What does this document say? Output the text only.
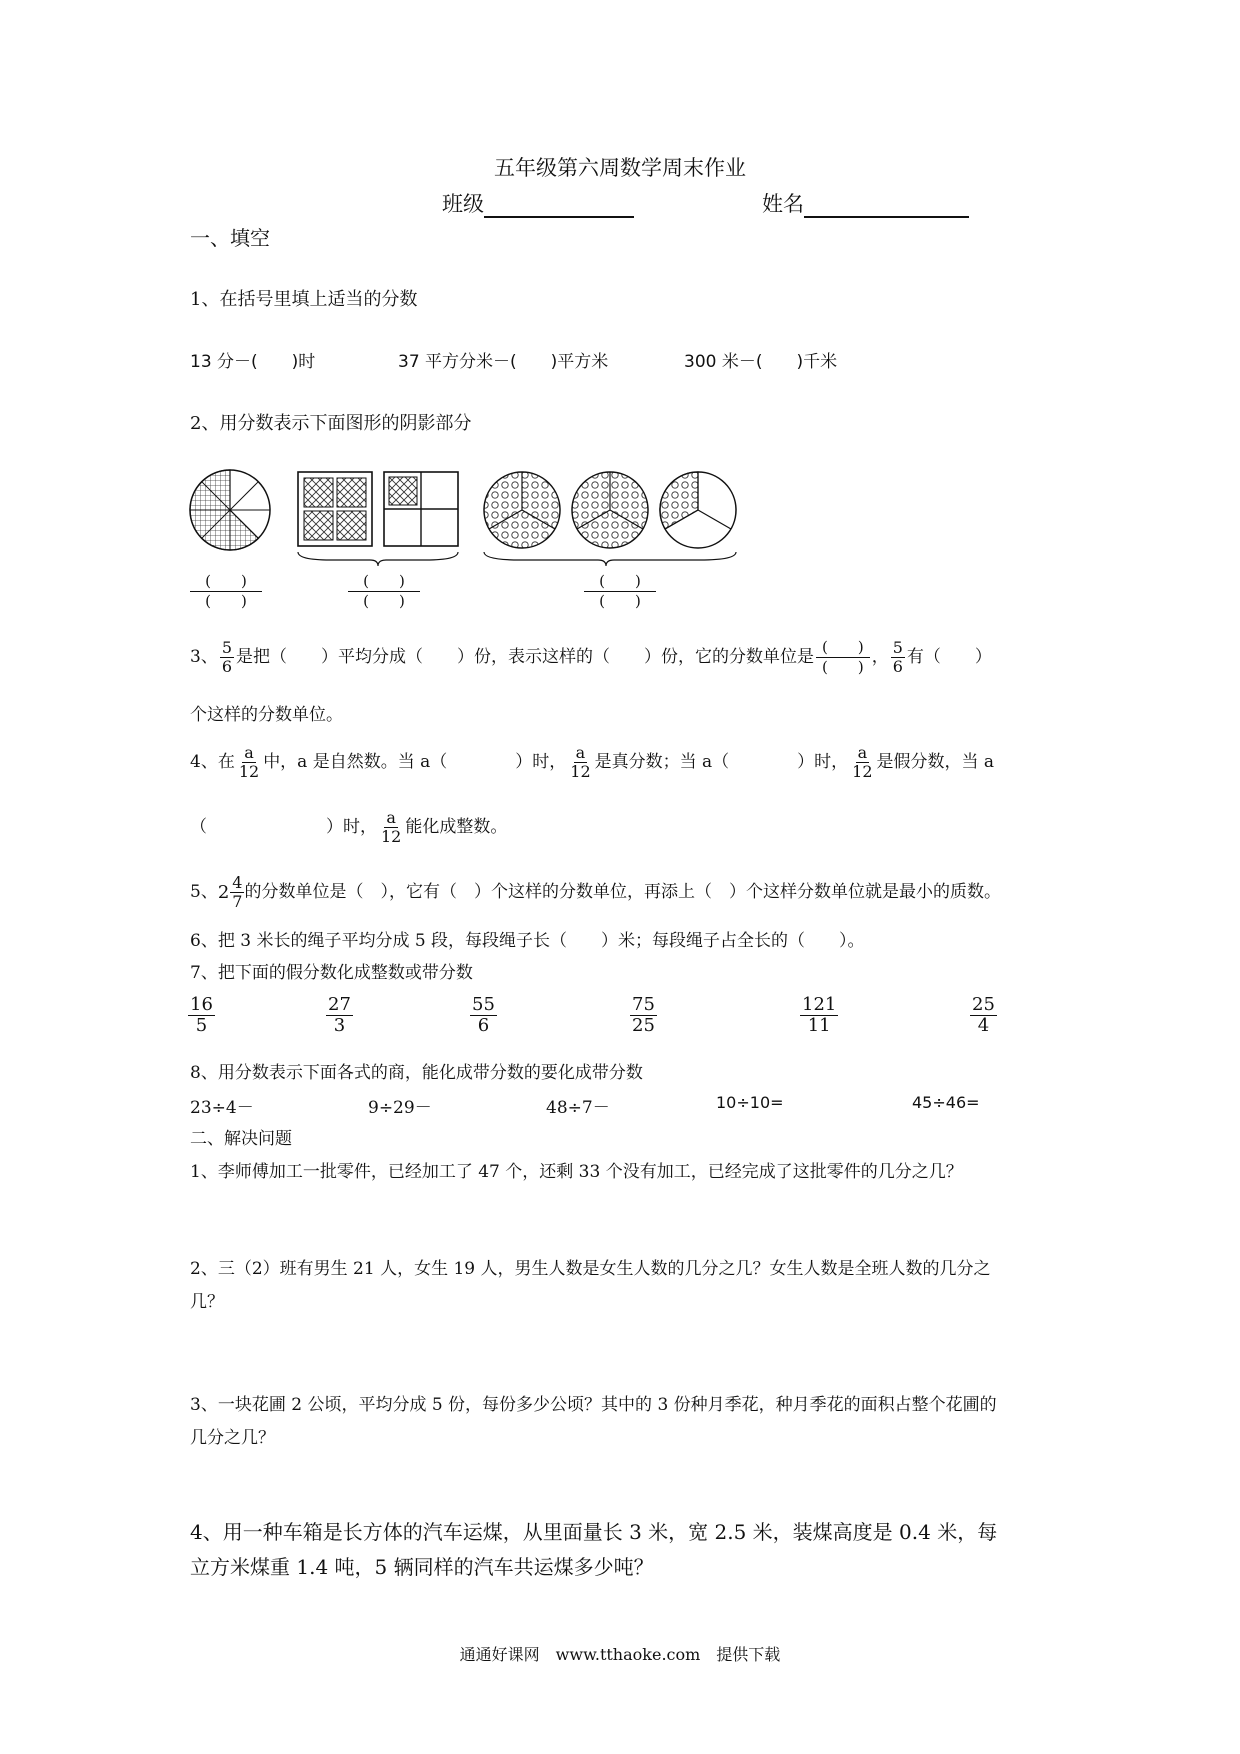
五年级第六周数学周末作业
班级	姓名
一、填空
1、在括号里填上适当的分数
13 分－(　　)时	37 平方分米－(　　)平方米	300 米－(　　)千米
2、用分数表示下面图形的阴影部分
$\frac{( )}{( )}$	$\frac{( )}{( )}$	$\frac{( )}{( )}$
3、 $\frac{5}{6}$ 是把（　　）平均分成（　　）份，表示这样的（　　）份，它的分数单位是 $\frac{( )}{( )}$ ， $\frac{5}{6}$ 有（　　）
个这样的分数单位。
4、在 $\frac{a}{12}$ 中，a 是自然数。当 a（　　　　）时， $\frac{a}{12}$ 是真分数；当 a（　　　　）时， $\frac{a}{12}$ 是假分数，当 a
（　　　　　　　）时， $\frac{a}{12}$ 能化成整数。
5、 $2 \frac{4}{7}$ 的分数单位是（　），它有（　）个这样的分数单位，再添上（　）个这样分数单位就是最小的质数。
6、把 3 米长的绳子平均分成 5 段，每段绳子长（　　）米；每段绳子占全长的（　　）。
7、把下面的假分数化成整数或带分数
$\frac{16}{5}$	$\frac{27}{3}$	$\frac{55}{6}$	$\frac{75}{25}$	$\frac{121}{11}$	$\frac{25}{4}$
8、用分数表示下面各式的商，能化成带分数的要化成带分数
23÷4－	9÷29－	48÷7－	10÷10=	45÷46=
二、解决问题
1、李师傅加工一批零件，已经加工了 47 个，还剩 33 个没有加工，已经完成了这批零件的几分之几？
2、三（2）班有男生 21 人，女生 19 人，男生人数是女生人数的几分之几？女生人数是全班人数的几分之
几？
3、一块花圃 2 公顷，平均分成 5 份，每份多少公顷？其中的 3 份种月季花，种月季花的面积占整个花圃的
几分之几？
4、用一种车箱是长方体的汽车运煤，从里面量长 3 米，宽 2.5 米，装煤高度是 0.4 米，每
立方米煤重 1.4 吨，5 辆同样的汽车共运煤多少吨？
通通好课网　www.tthaoke.com　提供下载
